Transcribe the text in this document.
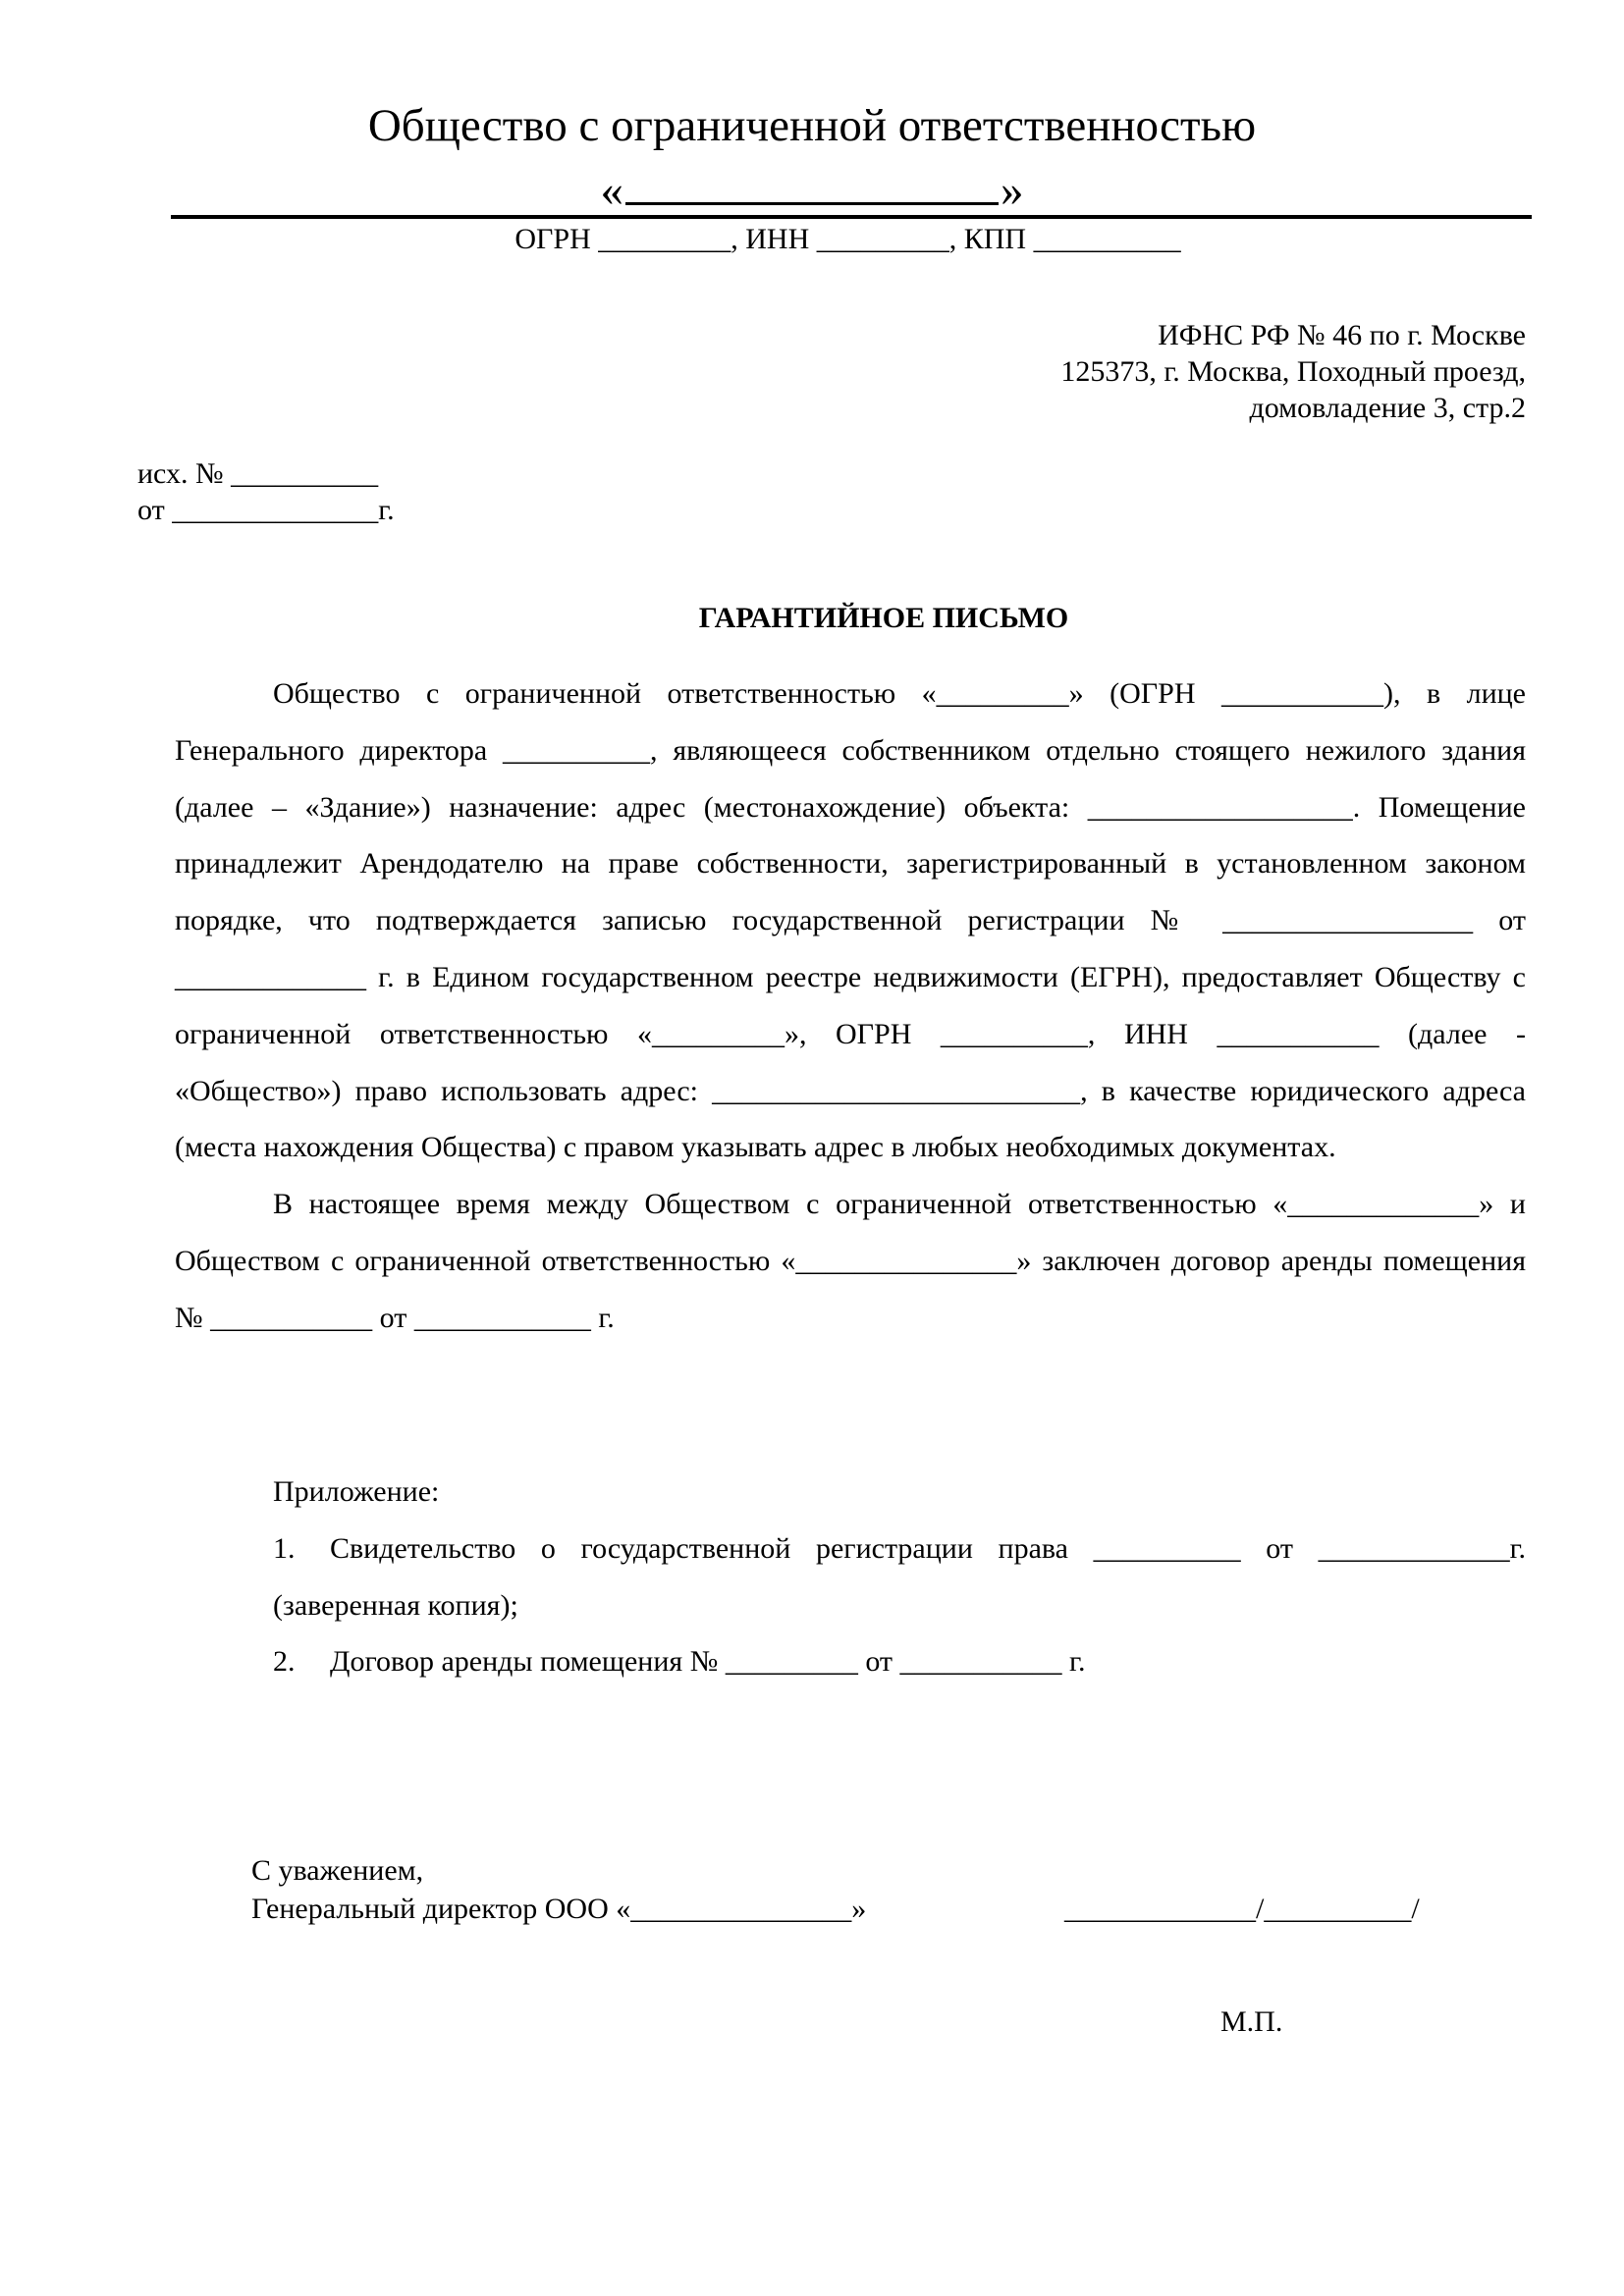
Общество с ограниченной ответственностью
«	»
ОГРН _________, ИНН _________, КПП __________
ИФНС РФ № 46 по г. Москве
125373, г. Москва, Походный проезд,
домовладение 3, стр.2
исх. № __________
от ______________г.
ГАРАНТИЙНОЕ ПИСЬМО

Общество с ограниченной ответственностью «_________» (ОГРН ___________), в лице Генерального директора __________, являющееся собственником отдельно стоящего нежилого здания (далее – «Здание») назначение: адрес (местонахождение) объекта: __________________. Помещение принадлежит Арендодателю на праве собственности, зарегистрированный в установленном законом порядке, что подтверждается записью государственной регистрации № _________________ от _____________ г. в Едином государственном реестре недвижимости (ЕГРН), предоставляет Обществу с ограниченной ответственностью «_________», ОГРН __________, ИНН ___________ (далее - «Общество») право использовать адрес: _________________________, в качестве юридического адреса (места нахождения Общества) с правом указывать адрес в любых необходимых документах.

В настоящее время между Обществом с ограниченной ответственностью «_____________» и Обществом с ограниченной ответственностью «_______________» заключен договор аренды помещения № ___________ от ____________ г.

Приложение:

1. Свидетельство о государственной регистрации права __________ от _____________г. (заверенная копия);

2. Договор аренды помещения № _________ от ___________ г.

С уважением,
Генеральный директор ООО «_______________»	_____________/__________/
М.П.
